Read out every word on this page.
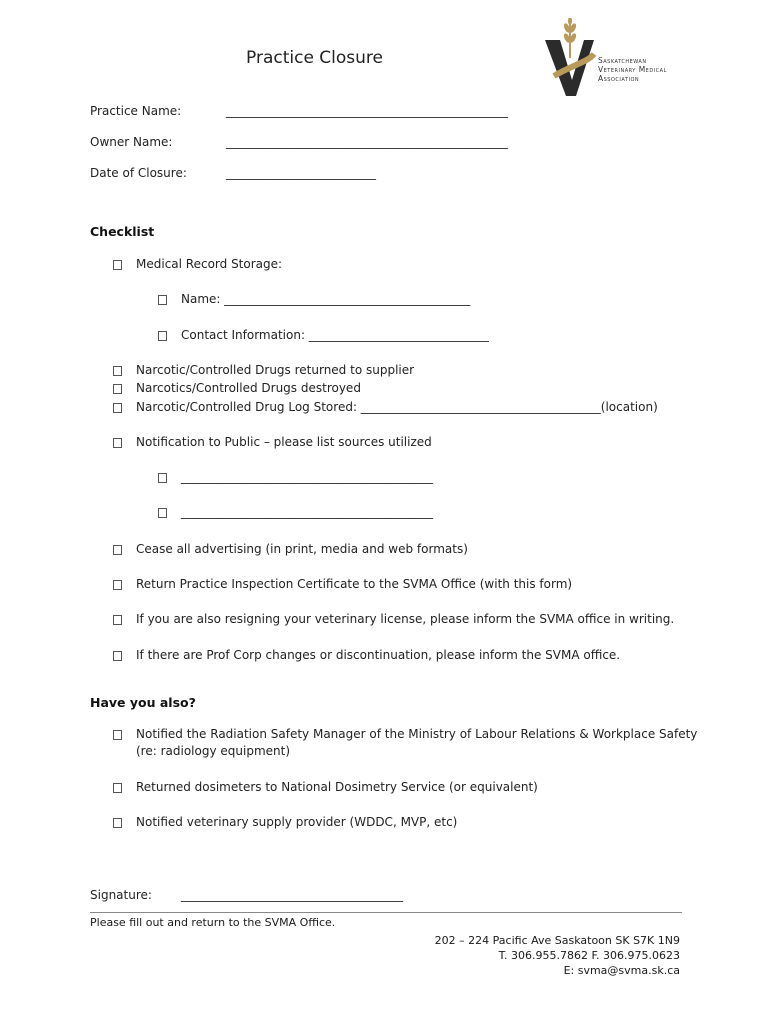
Saskatchewan
Veterinary Medical
Association
Practice Closure
Practice Name:	_______________________________________________
Owner Name:	_______________________________________________
Date of Closure:	_________________________
Checklist
Medical Record Storage:
Name: _________________________________________
Contact Information: ______________________________
Narcotic/Controlled Drugs returned to supplier
Narcotics/Controlled Drugs destroyed
Narcotic/Controlled Drug Log Stored: ________________________________________(location)
Notification to Public – please list sources utilized
__________________________________________
__________________________________________
Cease all advertising (in print, media and web formats)
Return Practice Inspection Certificate to the SVMA Office (with this form)
If you are also resigning your veterinary license, please inform the SVMA office in writing.
If there are Prof Corp changes or discontinuation, please inform the SVMA office.
Have you also?
Notified the Radiation Safety Manager of the Ministry of Labour Relations & Workplace Safety
(re: radiology equipment)
Returned dosimeters to National Dosimetry Service (or equivalent)
Notified veterinary supply provider (WDDC, MVP, etc)
Signature: _____________________________________
Please fill out and return to the SVMA Office.
202 – 224 Pacific Ave Saskatoon SK S7K 1N9
T. 306.955.7862 F. 306.975.0623
E: svma@svma.sk.ca
